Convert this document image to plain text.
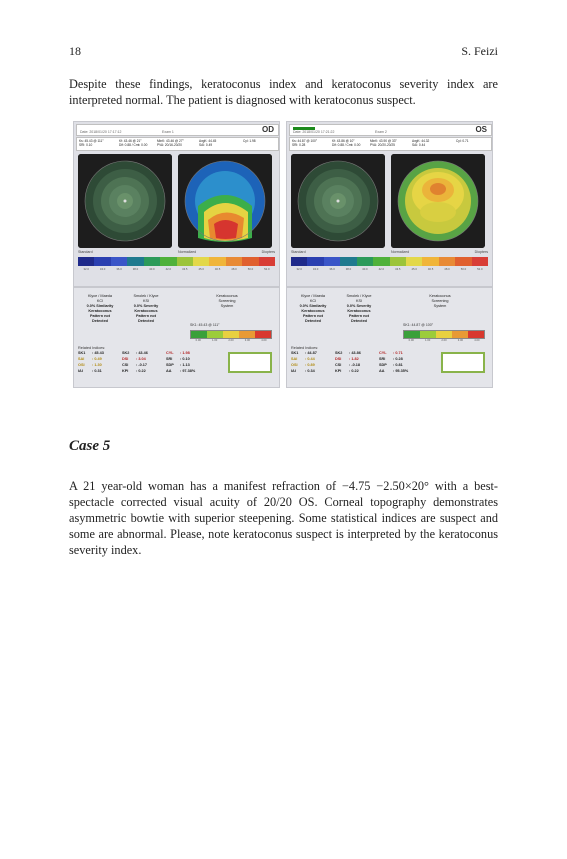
18	S. Feizi

Despite these findings, keratoconus index and keratoconus severity index are interpreted normal. The patient is diagnosed with keratoconus suspect.

Date: 2018/01/20 17:17:12	Exam 1	OD
Ks: 45.43 @ 111°
SRI: 0.10
Kf: 43.46 @ 21°
Dif: 0.88 / Cmt: 0.00
MinK: 43.46 @ 27°
PVA: 20/16-20/20
AvgK: 44.45
SAI: 0.49
Cyl: 1.98
Standard	Normalized	Diopters
32.0	34.0	36.0	38.0	40.0	42.0	43.5	45.0	46.5	48.0	50.0	52.0
Klyce / Maeda
KCI
0.0% Similarity
Keratoconus
Pattern not
Detected
Smolek / Klyce
KSI
0.0% Severity
Keratoconus
Pattern not
Detected
Keratoconus
Screening
System
SK1: 45.43 @ 111°
0.00	1.00	2.00	3.00	4.00
Related Indices:
SK1 : 45.43	SK2 : 43.46	CYL : 1.98
SAI : 0.49	DSI : 3.04	SRI : 0.10
OSI : 1.30	CSI : -0.17	SDP : 1.13
IAI : 0.31	KPI : 0.22	AA : 97.38%
Date: 2018/01/20 17:21:22	Exam 2	OS
Ks: 44.87 @ 100°
SRI: 0.28
Kf: 43.86 @ 10°
Dif: 0.88 / Cmt: 0.00
MinK: 43.90 @ 33°
PVA: 20/20-20/25
AvgK: 44.32
SAI: 0.44
Cyl: 0.71
Standard	Normalized	Diopters
32.0	34.0	36.0	38.0	40.0	42.0	43.5	45.0	46.5	48.0	50.0	52.0
Klyce / Maeda
KCI
0.0% Similarity
Keratoconus
Pattern not
Detected
Smolek / Klyce
KSI
0.0% Severity
Keratoconus
Pattern not
Detected
Keratoconus
Screening
System
SK1: 44.87 @ 100°
0.00	1.00	2.00	3.00	4.00
Related Indices:
SK1 : 44.87	SK2 : 43.86	CYL : 0.71
SAI : 0.44	DSI : 1.82	SRI : 0.28
OSI : 0.89	CSI : -0.18	SDP : 0.81
IAI : 0.34	KPI : 0.22	AA : 95.35%
Case 5

A 21 year-old woman has a manifest refraction of −4.75 −2.50×20° with a best-spectacle corrected visual acuity of 20/20 OS. Corneal topography demonstrates asymmetric bowtie with superior steepening. Some statistical indices are suspect and some are abnormal. Please, note keratoconus suspect is interpreted by the keratoconus severity index.
